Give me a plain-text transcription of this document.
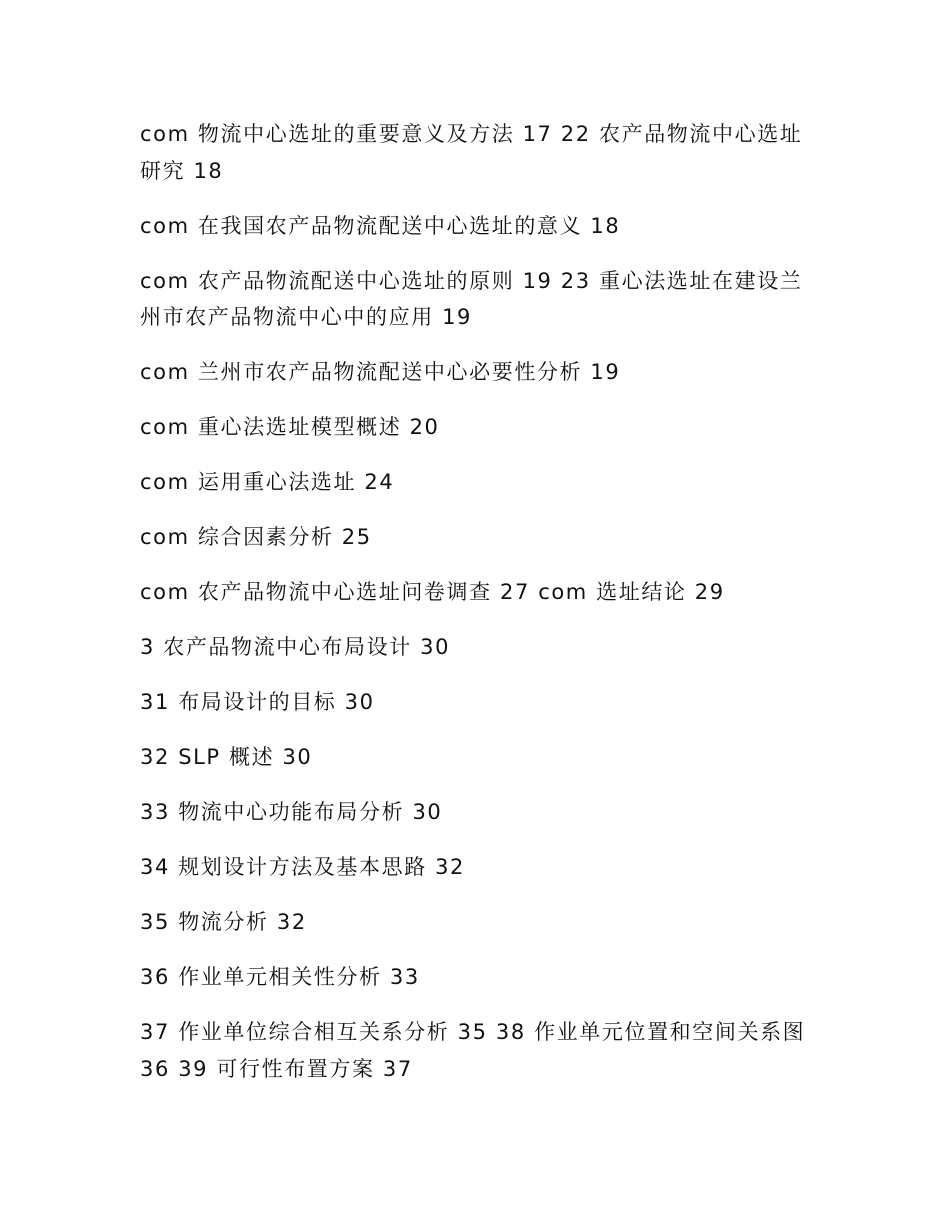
com 物流中心选址的重要意义及方法 17 22 农产品物流中心选址研究 18
com 在我国农产品物流配送中心选址的意义 18
com 农产品物流配送中心选址的原则 19 23 重心法选址在建设兰州市农产品物流中心中的应用 19
com 兰州市农产品物流配送中心必要性分析 19
com 重心法选址模型概述 20
com 运用重心法选址 24
com 综合因素分析 25
com 农产品物流中心选址问卷调查 27 com 选址结论 29
3 农产品物流中心布局设计 30
31 布局设计的目标 30
32 SLP 概述 30
33 物流中心功能布局分析 30
34 规划设计方法及基本思路 32
35 物流分析 32
36 作业单元相关性分析 33
37 作业单位综合相互关系分析 35 38 作业单元位置和空间关系图 36 39 可行性布置方案 37
